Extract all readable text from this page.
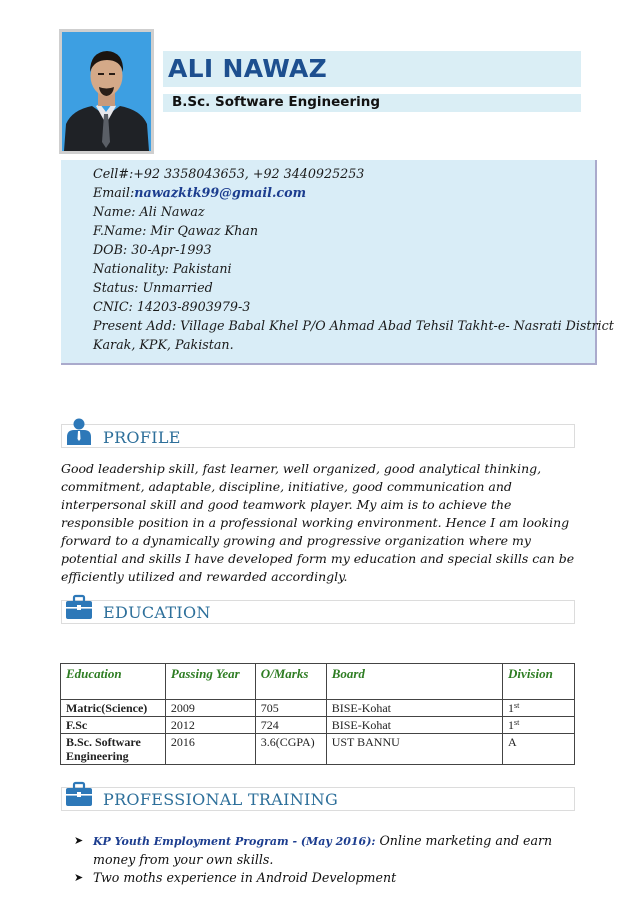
ALI NAWAZ
B.Sc. Software Engineering
Cell#:+92 3358043653, +92 3440925253
Email:nawazktk99@gmail.com
Name: Ali Nawaz
F.Name: Mir Qawaz Khan
DOB: 30-Apr-1993
Nationality: Pakistani
Status: Unmarried
CNIC: 14203-8903979-3
Present Add: Village Babal Khel P/O Ahmad Abad Tehsil Takht-e- Nasrati District
Karak, KPK, Pakistan.
PROFILE
Good leadership skill, fast learner, well organized, good analytical thinking, commitment, adaptable, discipline, initiative, good communication and interpersonal skill and good teamwork player. My aim is to achieve the responsible position in a professional working environment. Hence I am looking forward to a dynamically growing and progressive organization where my potential and skills I have developed form my education and special skills can be efficiently utilized and rewarded accordingly.
EDUCATION
Education	Passing Year	O/Marks	Board	Division
Matric(Science)	2009	705	BISE-Kohat	1st
F.Sc	2012	724	BISE-Kohat	1st
B.Sc. Software Engineering	2016	3.6(CGPA)	UST BANNU	A
PROFESSIONAL TRAINING
➤ KP Youth Employment Program - (May 2016): Online marketing and earn money from your own skills.
➤ Two moths experience in Android Development
